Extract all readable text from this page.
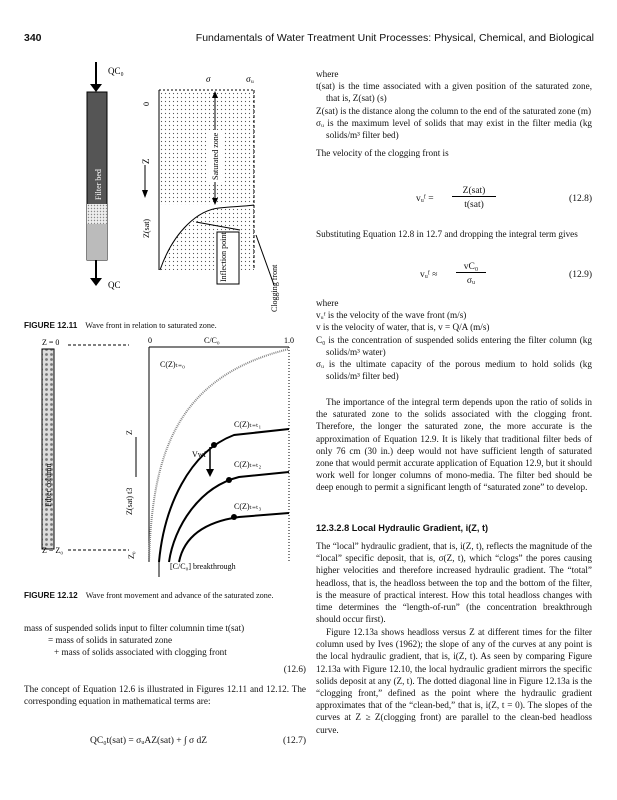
340	Fundamentals of Water Treatment Unit Processes: Physical, Chemical, and Biological
QC₀
Filter bed
QC
Z
0
Z(sat)
σ	σᵤ
Saturated zone
Inflection point
Clogging front
FIGURE 12.11 Wave front in relation to saturated zone.
Filter column
Z = 0
Z = Z₀
0	C/C₀	1.0
C(Z)ₜ₌₀
C(Z)ₜ₌ₜ₁
C(Z)ₜ₌ₜ₂
C(Z)ₜ₌ₜ₃
Vwf
Z
Z(sat) t3
Z₀
[C/C₀] breakthrough
FIGURE 12.12 Wave front movement and advance of the saturated zone.
mass of suspended solids input to filter columnin time t(sat)
= mass of solids in saturated zone
+ mass of solids associated with clogging front
(12.6)
The concept of Equation 12.6 is illustrated in Figures 12.11 and 12.12. The corresponding equation in mathematical terms are:
QC₀t(sat) = σᵤAZ(sat) + ∫ σ dZ	(12.7)
where
t(sat) is the time associated with a given position of the saturated zone, that is, Z(sat) (s)
Z(sat) is the distance along the column to the end of the saturated zone (m)
σᵤ is the maximum level of solids that may exist in the filter media (kg solids/m³ filter bed)
The velocity of the clogging front is
vᵤᶠ =
Z(sat)
t(sat)
(12.8)
Substituting Equation 12.8 in 12.7 and dropping the integral term gives
vᵤᶠ ≈
vC₀
σᵤ
(12.9)
where
vᵤᶠ is the velocity of the wave front (m/s)
v is the velocity of water, that is, v = Q/A (m/s)
C₀ is the concentration of suspended solids entering the filter column (kg solids/m³ water)
σᵤ is the ultimate capacity of the porous medium to hold solids (kg solids/m³ filter bed)
The importance of the integral term depends upon the ratio of solids in the saturated zone to the solids associated with the clogging front. Therefore, the longer the saturated zone, the more accurate is the approximation of Equation 12.9. It is likely that traditional filter beds of only 76 cm (30 in.) deep would not have sufficient length of saturated zone that would permit accurate application of Equation 12.9, but it should work well for longer columns of mono-media. The filter bed should be deep enough to permit a significant length of “saturated zone” to develop.
12.3.2.8 Local Hydraulic Gradient, i(Z, t)
The “local” hydraulic gradient, that is, i(Z, t), reflects the magnitude of the “local” specific deposit, that is, σ(Z, t), which “clogs” the pores causing higher velocities and therefore increased hydraulic gradient. The “total” headloss, that is, the headloss between the top and the bottom of the filter, is the measure of practical interest. How this total headloss changes with time determines the “length-of-run” (the concentration breakthrough should occur first).
Figure 12.13a shows headloss versus Z at different times for the filter column used by Ives (1962); the slope of any of the curves at any point is the local hydraulic gradient, that is, i(Z, t). As seen by comparing Figure 12.13a with Figure 12.10, the local hydraulic gradient mirrors the specific solids deposit at any (Z, t). The dotted diagonal line in Figure 12.13a is the “clogging front,” defined as the point where the hydraulic gradient approximates that of the “clean-bed,” that is, i(Z, t = 0). The slopes of the curves at Z ≥ Z(clogging front) are parallel to the clean-bed headloss curve.
